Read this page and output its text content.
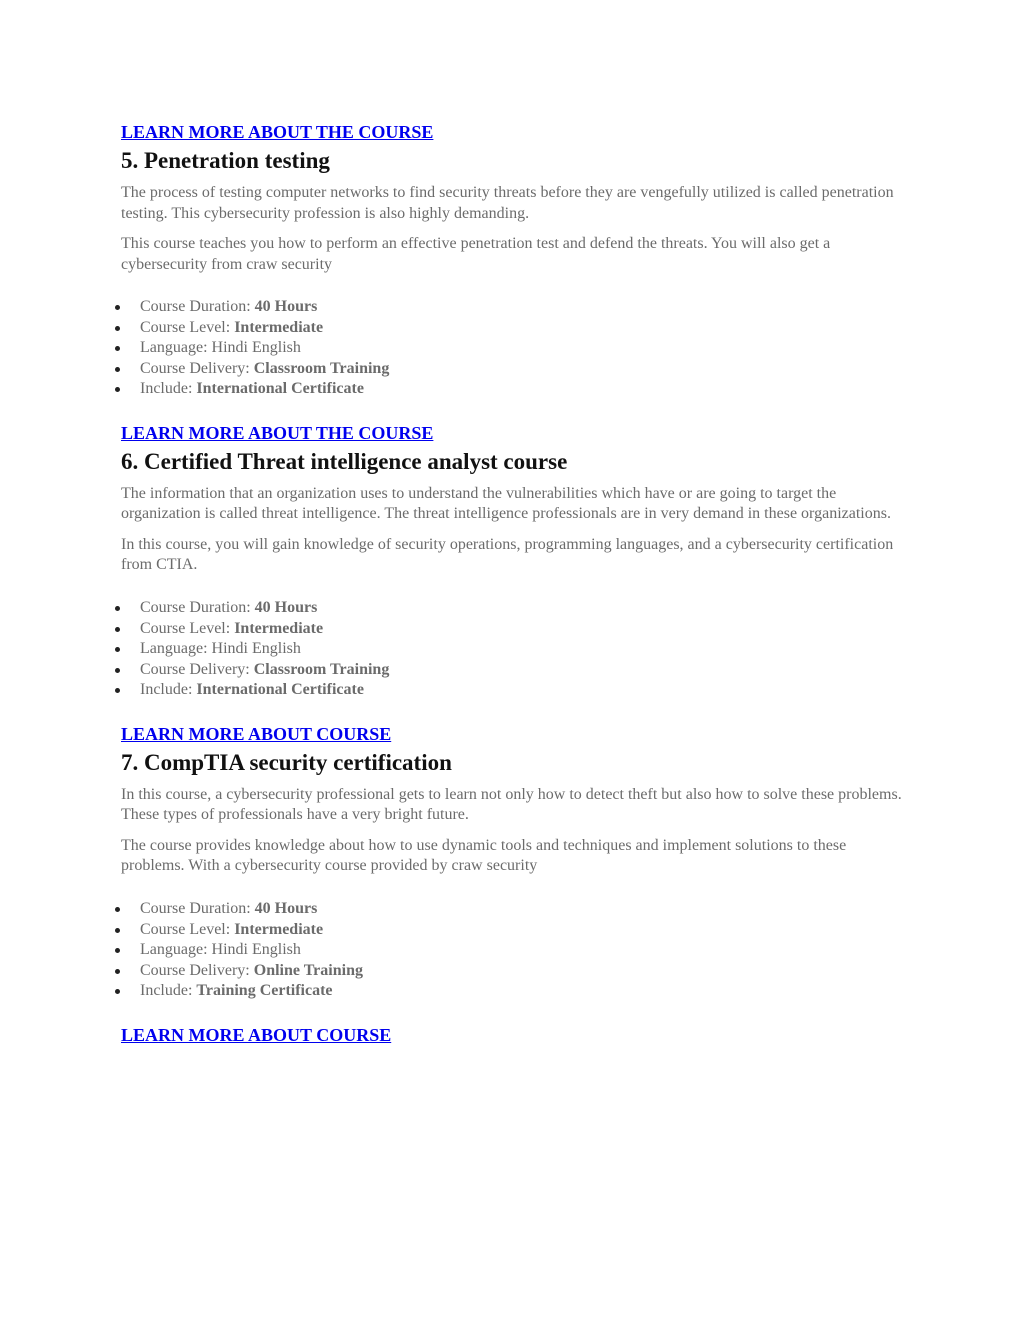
LEARN MORE ABOUT THE COURSE
5. Penetration testing

The process of testing computer networks to find security threats before they are vengefully utilized is called penetration testing. This cybersecurity profession is also highly demanding.

This course teaches you how to perform an effective penetration test and defend the threats. You will also get a cybersecurity from craw security

Course Duration: 40 Hours
Course Level: Intermediate
Language: Hindi English
Course Delivery: Classroom Training
Include: International Certificate
LEARN MORE ABOUT THE COURSE
6. Certified Threat intelligence analyst course

The information that an organization uses to understand the vulnerabilities which have or are going to target the organization is called threat intelligence. The threat intelligence professionals are in very demand in these organizations.

In this course, you will gain knowledge of security operations, programming languages, and a cybersecurity certification from CTIA.

Course Duration: 40 Hours
Course Level: Intermediate
Language: Hindi English
Course Delivery: Classroom Training
Include: International Certificate
LEARN MORE ABOUT COURSE
7. CompTIA security certification

In this course, a cybersecurity professional gets to learn not only how to detect theft but also how to solve these problems. These types of professionals have a very bright future.

The course provides knowledge about how to use dynamic tools and techniques and implement solutions to these problems. With a cybersecurity course provided by craw security

Course Duration: 40 Hours
Course Level: Intermediate
Language: Hindi English
Course Delivery: Online Training
Include: Training Certificate
LEARN MORE ABOUT COURSE
